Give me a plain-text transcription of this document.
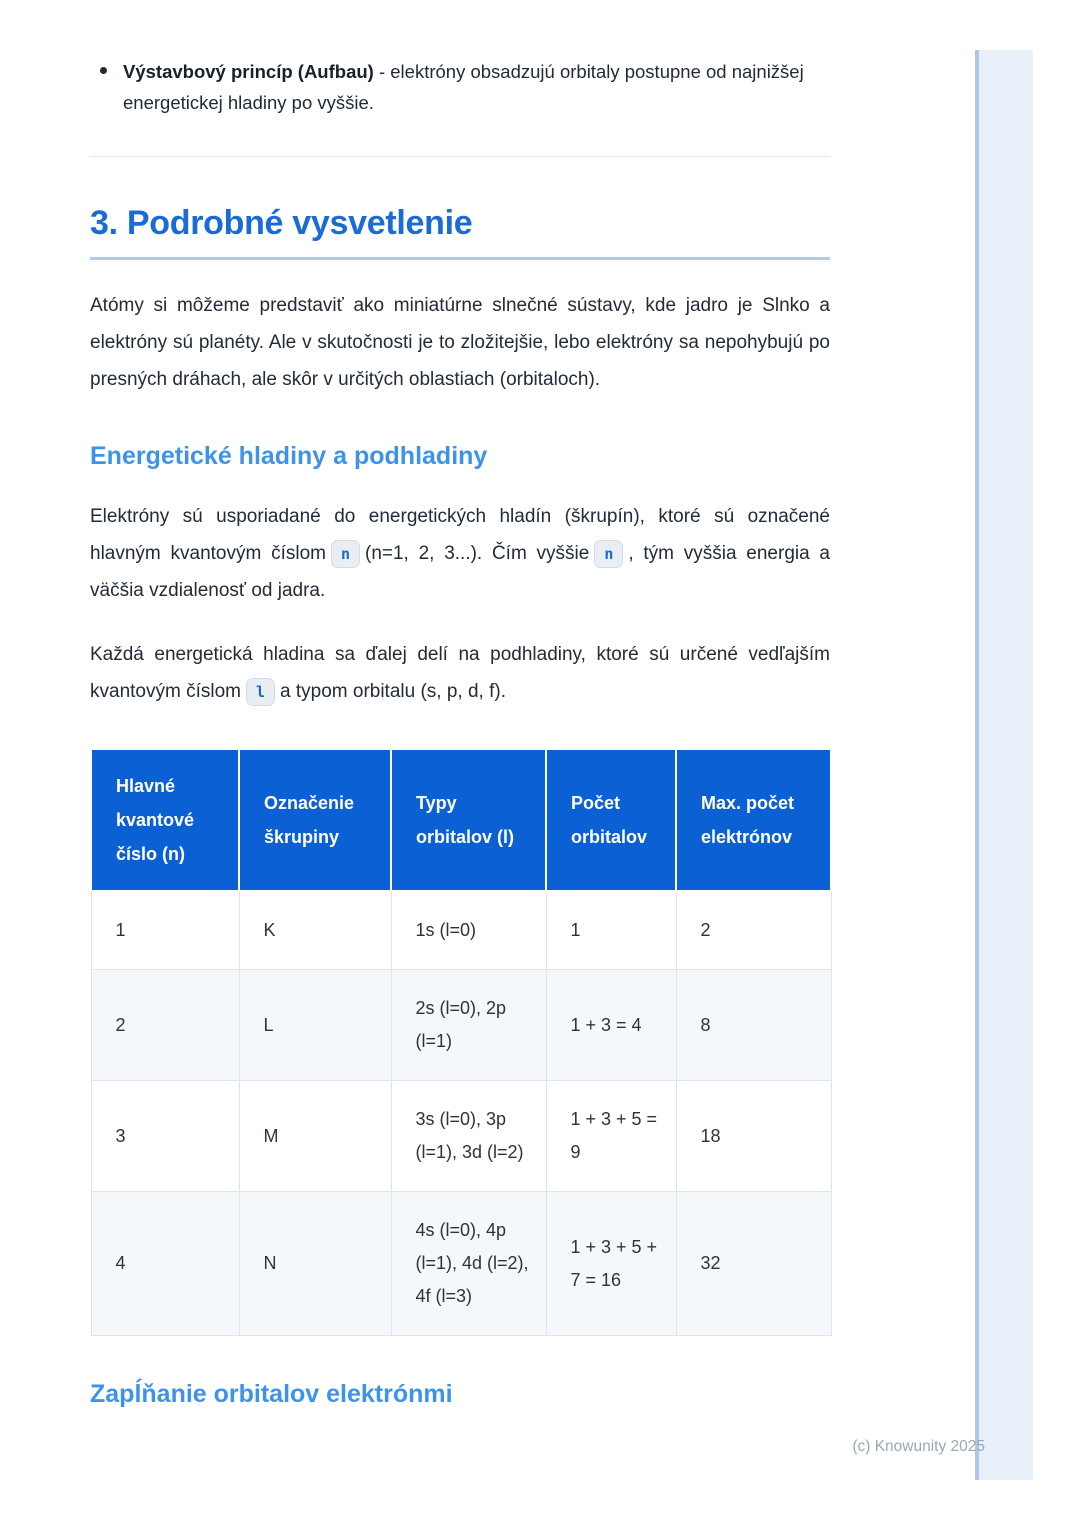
Výstavbový princíp (Aufbau) - elektróny obsadzujú orbitaly postupne od najnižšej energetickej hladiny po vyššie.
3. Podrobné vysvetlenie

Atómy si môžeme predstaviť ako miniatúrne slnečné sústavy, kde jadro je Slnko a elektróny sú planéty. Ale v skutočnosti je to zložitejšie, lebo elektróny sa nepohybujú po presných dráhach, ale skôr v určitých oblastiach (orbitaloch).

Energetické hladiny a podhladiny

Elektróny sú usporiadané do energetických hladín (škrupín), ktoré sú označené hlavným kvantovým číslom n (n=1, 2, 3...). Čím vyššie n , tým vyššia energia a väčšia vzdialenosť od jadra.

Každá energetická hladina sa ďalej delí na podhladiny, ktoré sú určené vedľajším kvantovým číslom l a typom orbitalu (s, p, d, f).

Hlavné kvantové číslo (n)	Označenie škrupiny	Typy orbitalov (l)	Počet orbitalov	Max. počet elektrónov
1	K	1s (l=0)	1	2
2	L	2s (l=0), 2p (l=1)	1 + 3 = 4	8
3	M	3s (l=0), 3p (l=1), 3d (l=2)	1 + 3 + 5 = 9	18
4	N	4s (l=0), 4p (l=1), 4d (l=2), 4f (l=3)	1 + 3 + 5 + 7 = 16	32
Zapĺňanie orbitalov elektrónmi
(c) Knowunity 2025
